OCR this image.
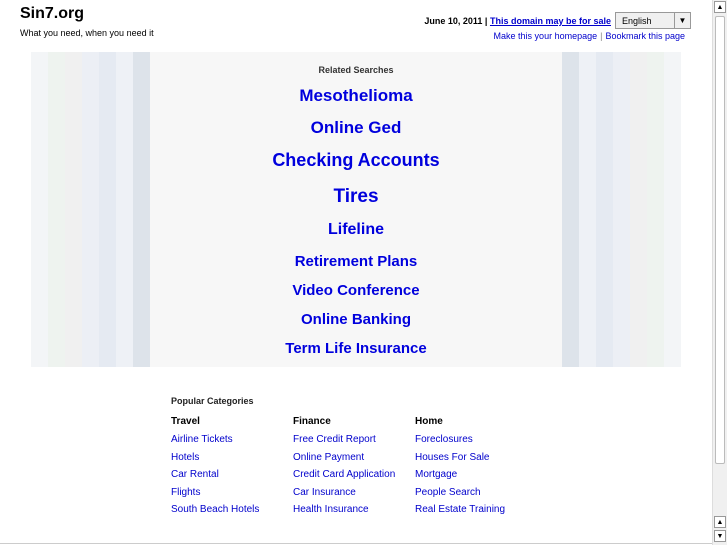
Sin7.org
What you need, when you need it
June 10, 2011 | This domain may be for sale	English	▼
Make this your homepage | Bookmark this page
Related Searches
Mesothelioma
Online Ged
Checking Accounts
Tires
Lifeline
Retirement Plans
Video Conference
Online Banking
Term Life Insurance
Popular Categories
Travel
Airline Tickets
Hotels
Car Rental
Flights
South Beach Hotels
Finance
Free Credit Report
Online Payment
Credit Card Application
Car Insurance
Health Insurance
Home
Foreclosures
Houses For Sale
Mortgage
People Search
Real Estate Training
▲
▲
▼
